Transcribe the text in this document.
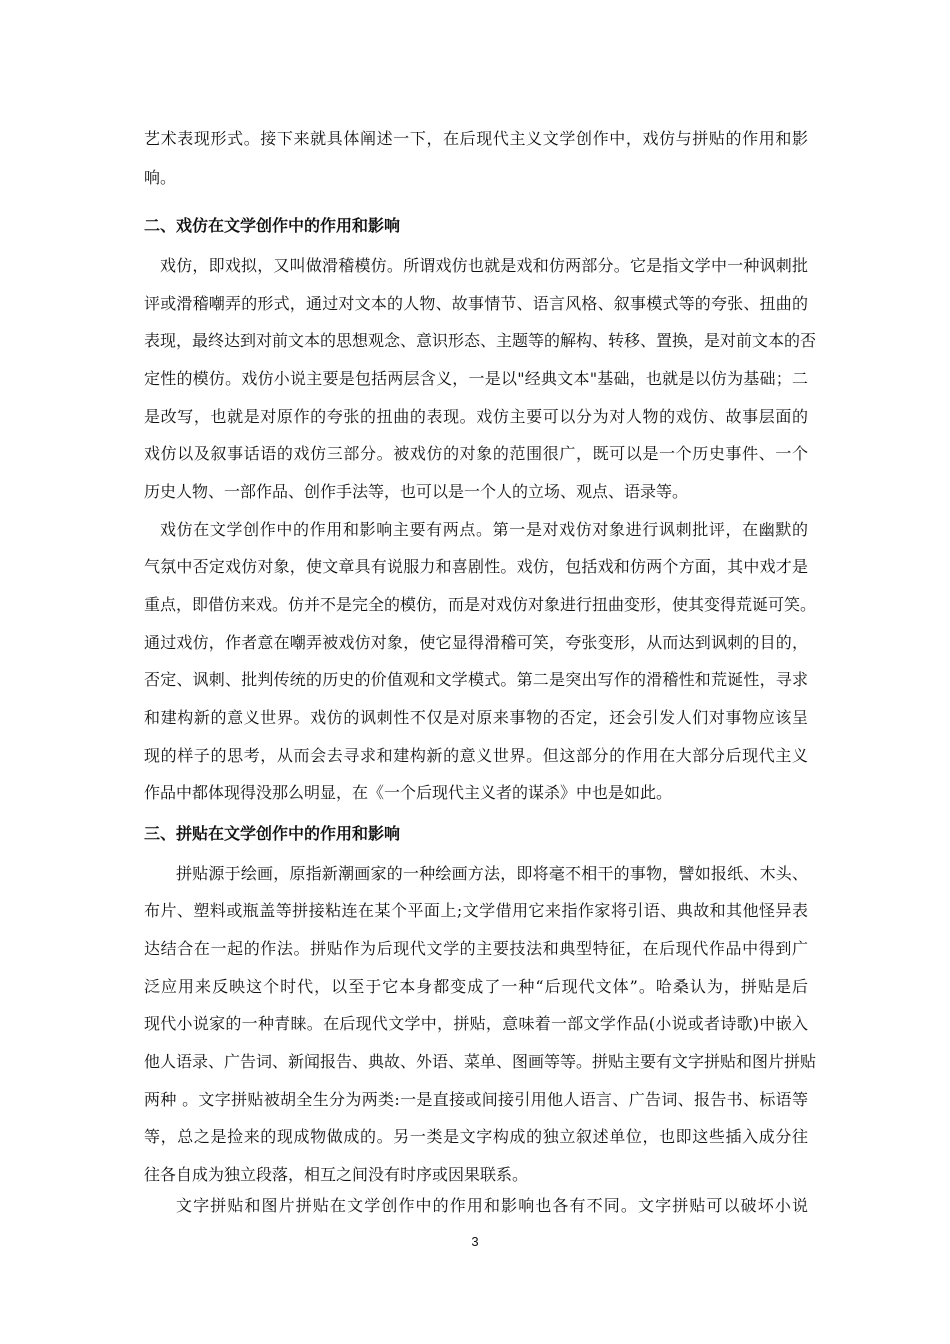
艺术表现形式。接下来就具体阐述一下，在后现代主义文学创作中，戏仿与拼贴的作用和影
响。
二、戏仿在文学创作中的作用和影响
戏仿，即戏拟，又叫做滑稽模仿。所谓戏仿也就是戏和仿两部分。它是指文学中一种讽刺批
评或滑稽嘲弄的形式，通过对文本的人物、故事情节、语言风格、叙事模式等的夸张、扭曲的
表现，最终达到对前文本的思想观念、意识形态、主题等的解构、转移、置换，是对前文本的否
定性的模仿。戏仿小说主要是包括两层含义，一是以"经典文本"基础，也就是以仿为基础；二
是改写，也就是对原作的夸张的扭曲的表现。戏仿主要可以分为对人物的戏仿、故事层面的
戏仿以及叙事话语的戏仿三部分。被戏仿的对象的范围很广，既可以是一个历史事件、一个
历史人物、一部作品、创作手法等，也可以是一个人的立场、观点、语录等。
戏仿在文学创作中的作用和影响主要有两点。第一是对戏仿对象进行讽刺批评，在幽默的
气氛中否定戏仿对象，使文章具有说服力和喜剧性。戏仿，包括戏和仿两个方面，其中戏才是
重点，即借仿来戏。仿并不是完全的模仿，而是对戏仿对象进行扭曲变形，使其变得荒诞可笑。
通过戏仿，作者意在嘲弄被戏仿对象，使它显得滑稽可笑，夸张变形，从而达到讽刺的目的，
否定、讽刺、批判传统的历史的价值观和文学模式。第二是突出写作的滑稽性和荒诞性，寻求
和建构新的意义世界。戏仿的讽刺性不仅是对原来事物的否定，还会引发人们对事物应该呈
现的样子的思考，从而会去寻求和建构新的意义世界。但这部分的作用在大部分后现代主义
作品中都体现得没那么明显，在《一个后现代主义者的谋杀》中也是如此。
三、拼贴在文学创作中的作用和影响
拼贴源于绘画，原指新潮画家的一种绘画方法，即将毫不相干的事物，譬如报纸、木头、
布片、塑料或瓶盖等拼接粘连在某个平面上;文学借用它来指作家将引语、典故和其他怪异表
达结合在一起的作法。拼贴作为后现代文学的主要技法和典型特征，在后现代作品中得到广
泛应用来反映这个时代，以至于它本身都变成了一种“后现代文体”。哈桑认为，拼贴是后
现代小说家的一种青睐。在后现代文学中，拼贴，意味着一部文学作品(小说或者诗歌)中嵌入
他人语录、广告词、新闻报告、典故、外语、菜单、图画等等。拼贴主要有文字拼贴和图片拼贴
两种 。文字拼贴被胡全生分为两类:一是直接或间接引用他人语言、广告词、报告书、标语等
等，总之是捡来的现成物做成的。另一类是文字构成的独立叙述单位，也即这些插入成分往
往各自成为独立段落，相互之间没有时序或因果联系。
文字拼贴和图片拼贴在文学创作中的作用和影响也各有不同。文字拼贴可以破坏小说
3
